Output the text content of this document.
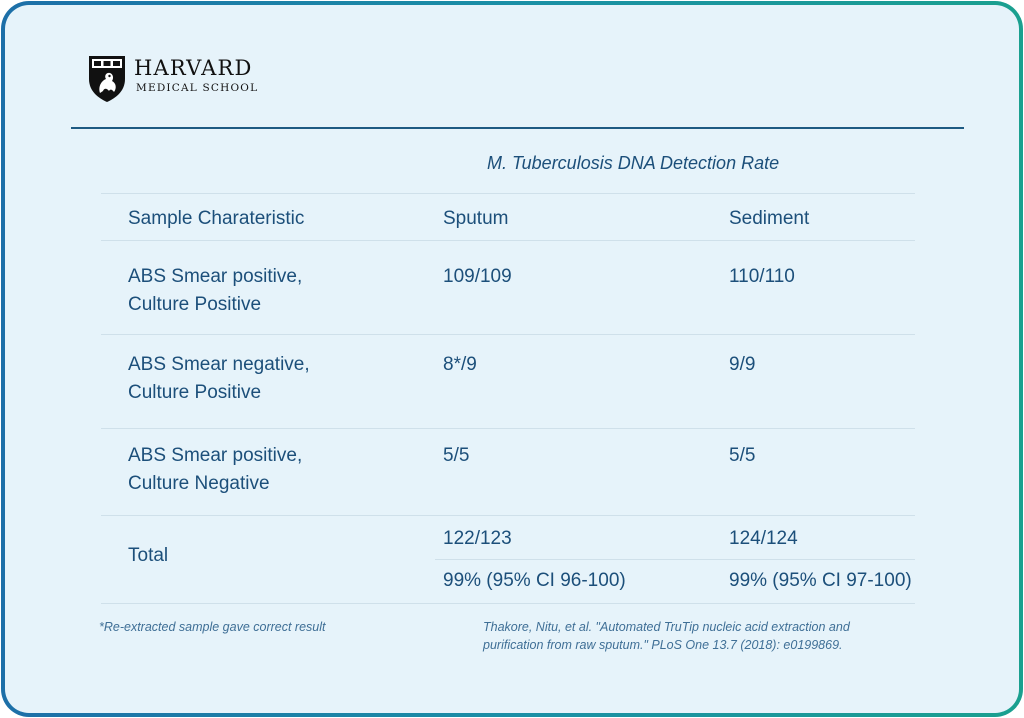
HARVARD
MEDICAL SCHOOL
M. Tuberculosis DNA Detection Rate
Sample Charateristic	Sputum	Sediment
ABS Smear positive,
Culture Positive
109/109	110/110
ABS Smear negative,
Culture Positive
8*/9	9/9
ABS Smear positive,
Culture Negative
5/5	5/5
Total
122/123	124/124
99% (95% CI 96-100)	99% (95% CI 97-100)
*Re-extracted sample gave correct result	Thakore, Nitu, et al. "Automated TruTip nucleic acid extraction and
purification from raw sputum." PLoS One 13.7 (2018): e0199869.
